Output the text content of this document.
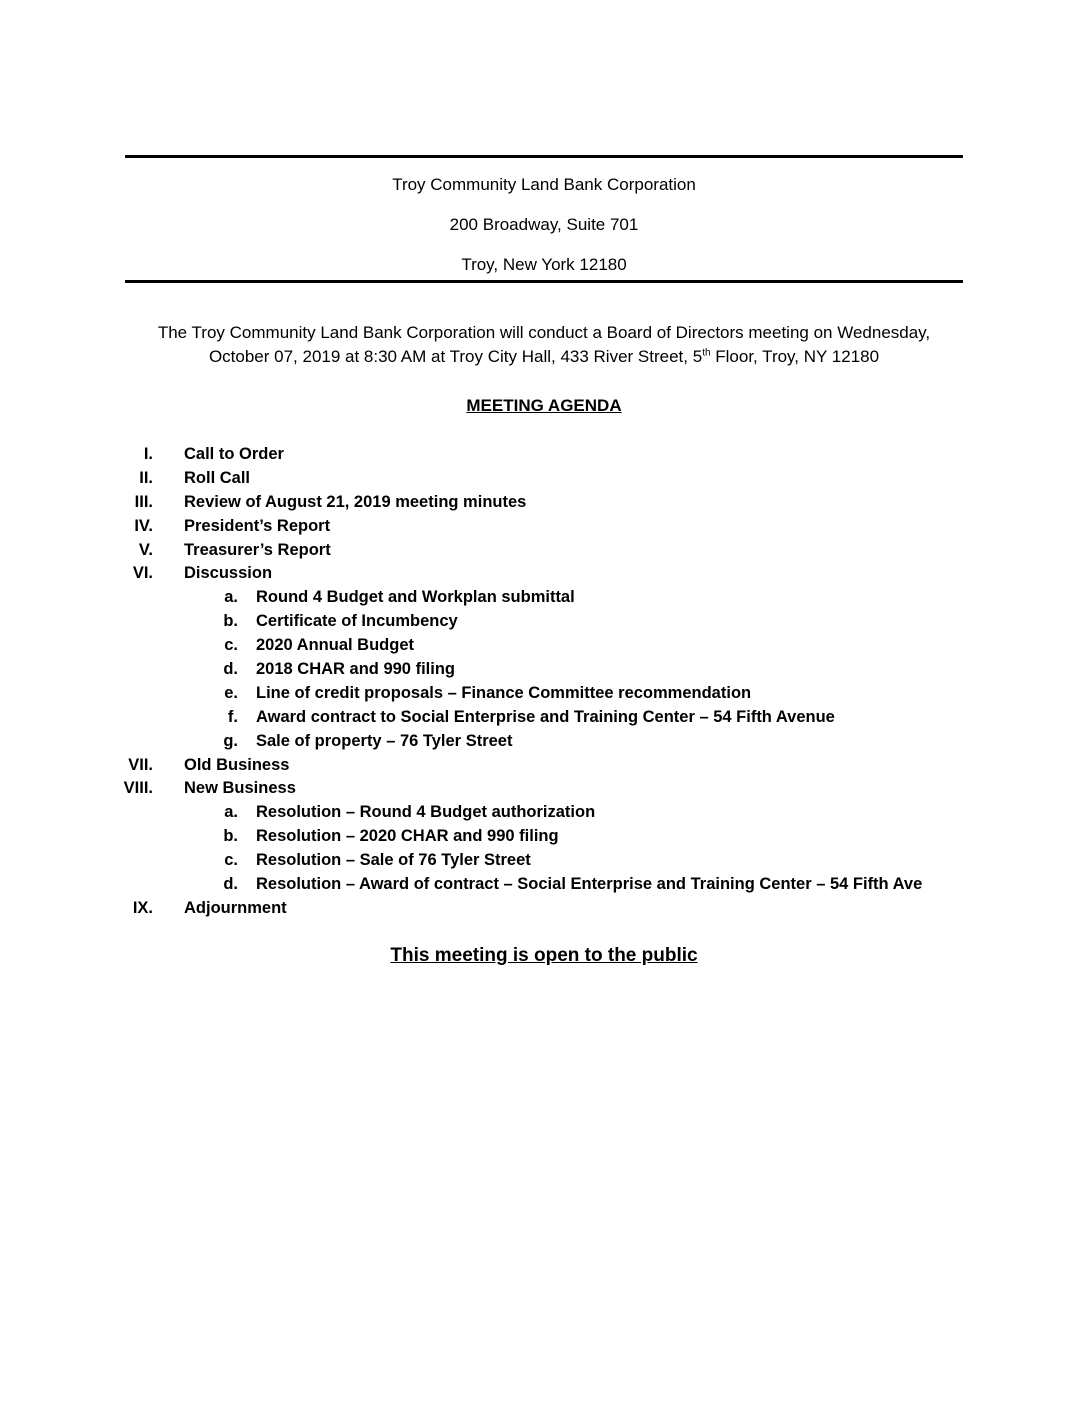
Troy Community Land Bank Corporation
200 Broadway, Suite 701
Troy, New York 12180
The Troy Community Land Bank Corporation will conduct a Board of Directors meeting on Wednesday,
October 07, 2019 at 8:30 AM at Troy City Hall, 433 River Street, 5th Floor, Troy, NY 12180
MEETING AGENDA
I. Call to Order
II. Roll Call
III. Review of August 21, 2019 meeting minutes
IV. President’s Report
V. Treasurer’s Report
VI. Discussion
a. Round 4 Budget and Workplan submittal
b. Certificate of Incumbency
c. 2020 Annual Budget
d. 2018 CHAR and 990 filing
e. Line of credit proposals – Finance Committee recommendation
f. Award contract to Social Enterprise and Training Center – 54 Fifth Avenue
g. Sale of property – 76 Tyler Street
VII. Old Business
VIII. New Business
a. Resolution – Round 4 Budget authorization
b. Resolution – 2020 CHAR and 990 filing
c. Resolution – Sale of 76 Tyler Street
d. Resolution – Award of contract – Social Enterprise and Training Center – 54 Fifth Ave
IX. Adjournment
This meeting is open to the public
